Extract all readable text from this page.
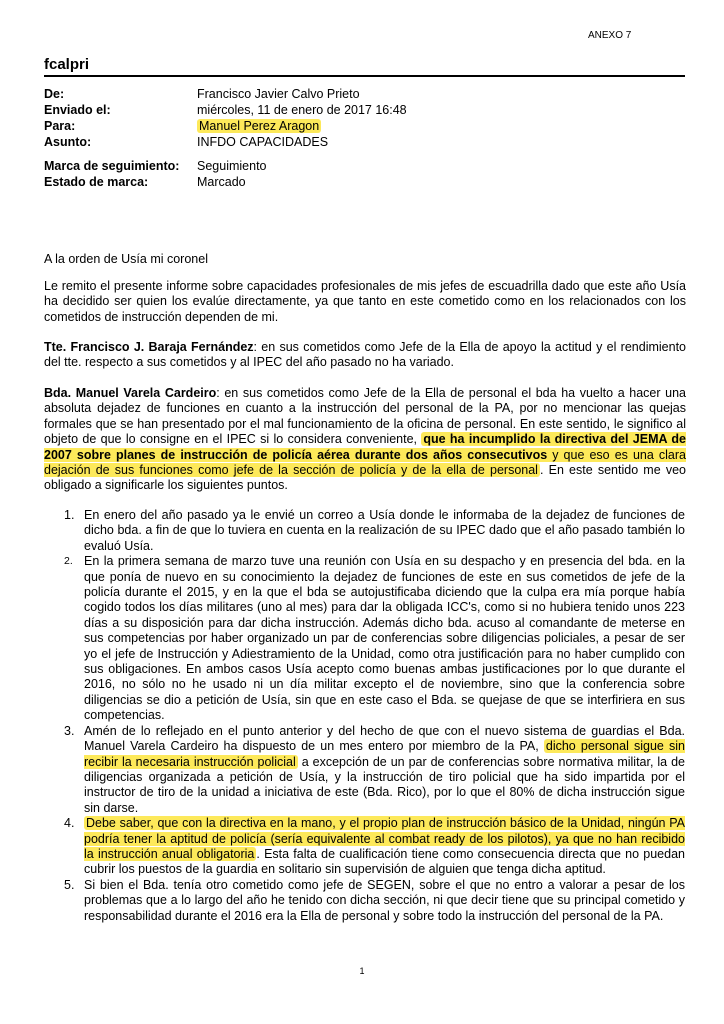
ANEXO 7
fcalpri
De:	Francisco Javier Calvo Prieto
Enviado el:	miércoles, 11 de enero de 2017 16:48
Para:	Manuel Perez Aragon
Asunto:	INFDO CAPACIDADES
Marca de seguimiento: Seguimiento
Estado de marca:	Marcado

A la orden de Usía mi coronel

Le remito el presente informe sobre capacidades profesionales de mis jefes de escuadrilla dado que este año Usía ha decidido ser quien los evalúe directamente, ya que tanto en este cometido como en los relacionados con los cometidos de instrucción dependen de mi.

Tte. Francisco J. Baraja Fernández: en sus cometidos como Jefe de la Ella de apoyo la actitud y el rendimiento del tte. respecto a sus cometidos y al IPEC del año pasado no ha variado.

Bda. Manuel Varela Cardeiro: en sus cometidos como Jefe de la Ella de personal el bda ha vuelto a hacer una absoluta dejadez de funciones en cuanto a la instrucción del personal de la PA, por no mencionar las quejas formales que se han presentado por el mal funcionamiento de la oficina de personal. En este sentido, le significo al objeto de que lo consigne en el IPEC si lo considera conveniente, que ha incumplido la directiva del JEMA de 2007 sobre planes de instrucción de policía aérea durante dos años consecutivos y que eso es una clara dejación de sus funciones como jefe de la sección de policía y de la ella de personal . En este sentido me veo obligado a significarle los siguientes puntos.

1. En enero del año pasado ya le envié un correo a Usía donde le informaba de la dejadez de funciones de dicho bda. a fin de que lo tuviera en cuenta en la realización de su IPEC dado que el año pasado también lo evaluó Usía.
2. En la primera semana de marzo tuve una reunión con Usía en su despacho y en presencia del bda. en la que ponía de nuevo en su conocimiento la dejadez de funciones de este en sus cometidos de jefe de la policía durante el 2015, y en la que el bda se autojustificaba diciendo que la culpa era mía porque había cogido todos los días militares (uno al mes) para dar la obligada ICC's, como si no hubiera tenido unos 223 días a su disposición para dar dicha instrucción. Además dicho bda. acuso al comandante de meterse en sus competencias por haber organizado un par de conferencias sobre diligencias policiales, a pesar de ser yo el jefe de Instrucción y Adiestramiento de la Unidad, como otra justificación para no haber cumplido con sus obligaciones. En ambos casos Usía acepto como buenas ambas justificaciones por lo que durante el 2016, no sólo no he usado ni un día militar excepto el de noviembre, sino que la conferencia sobre diligencias se dio a petición de Usía, sin que en este caso el Bda. se quejase de que se interfiriera en sus competencias.
3. Amén de lo reflejado en el punto anterior y del hecho de que con el nuevo sistema de guardias el Bda. Manuel Varela Cardeiro ha dispuesto de un mes entero por miembro de la PA, dicho personal sigue sin recibir la necesaria instrucción policial a excepción de un par de conferencias sobre normativa militar, la de diligencias organizada a petición de Usía, y la instrucción de tiro policial que ha sido impartida por el instructor de tiro de la unidad a iniciativa de este (Bda. Rico), por lo que el 80% de dicha instrucción sigue sin darse.
4. Debe saber, que con la directiva en la mano, y el propio plan de instrucción básico de la Unidad, ningún PA podría tener la aptitud de policía (sería equivalente al combat ready de los pilotos), ya que no han recibido la instrucción anual obligatoria . Esta falta de cualificación tiene como consecuencia directa que no puedan cubrir los puestos de la guardia en solitario sin supervisión de alguien que tenga dicha aptitud.
5. Si bien el Bda. tenía otro cometido como jefe de SEGEN, sobre el que no entro a valorar a pesar de los problemas que a lo largo del año he tenido con dicha sección, ni que decir tiene que su principal cometido y responsabilidad durante el 2016 era la Ella de personal y sobre todo la instrucción del personal de la PA.
1
